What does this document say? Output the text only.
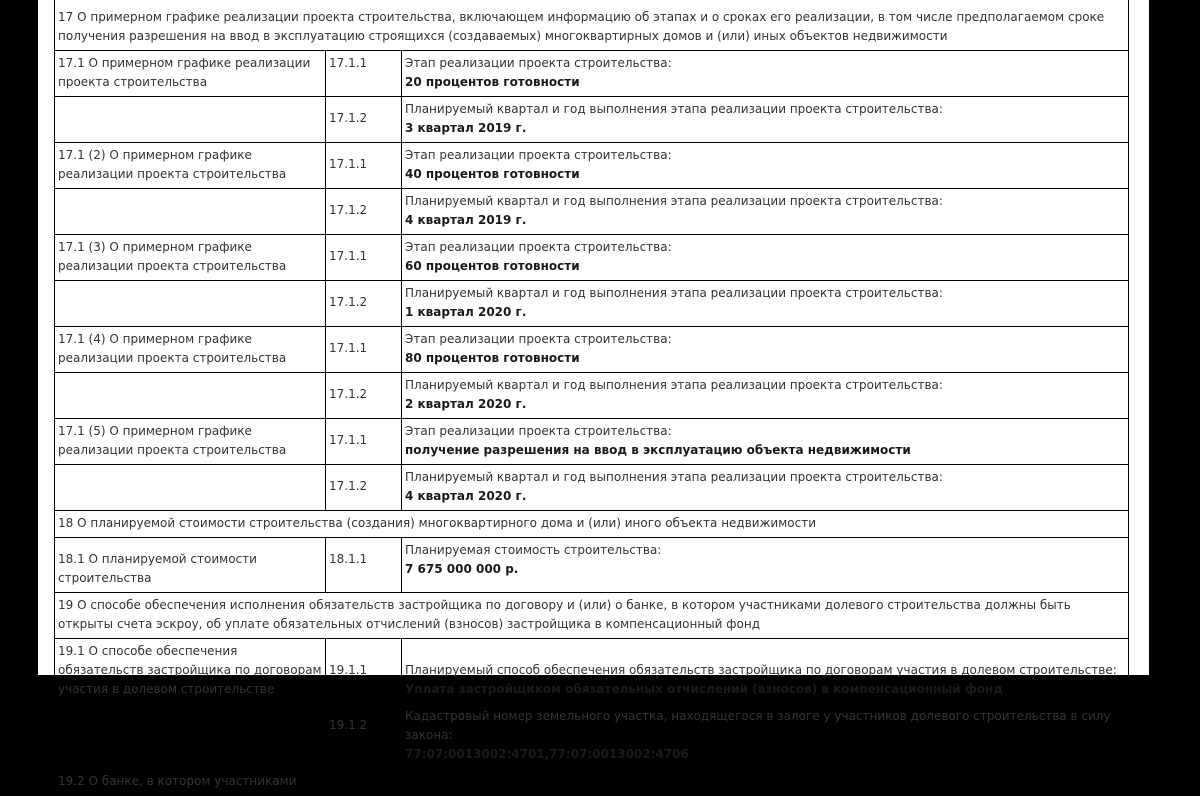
17 О примерном графике реализации проекта строительства, включающем информацию об этапах и о сроках его реализации, в том числе предполагаемом сроке получения разрешения на ввод в эксплуатацию строящихся (создаваемых) многоквартирных домов и (или) иных объектов недвижимости		
17.1 О примерном графике реализации проекта строительства	17.1.1	Этап реализации проекта строительства:
20 процентов готовности

	17.1.2	Планируемый квартал и год выполнения этапа реализации проекта строительства:
3 квартал 2019 г.

17.1 (2) О примерном графике реализации проекта строительства	17.1.1	Этап реализации проекта строительства:
40 процентов готовности

	17.1.2	Планируемый квартал и год выполнения этапа реализации проекта строительства:
4 квартал 2019 г.

17.1 (3) О примерном графике реализации проекта строительства	17.1.1	Этап реализации проекта строительства:
60 процентов готовности

	17.1.2	Планируемый квартал и год выполнения этапа реализации проекта строительства:
1 квартал 2020 г.

17.1 (4) О примерном графике реализации проекта строительства	17.1.1	Этап реализации проекта строительства:
80 процентов готовности

	17.1.2	Планируемый квартал и год выполнения этапа реализации проекта строительства:
2 квартал 2020 г.

17.1 (5) О примерном графике реализации проекта строительства	17.1.1	Этап реализации проекта строительства:
получение разрешения на ввод в эксплуатацию объекта недвижимости

	17.1.2	Планируемый квартал и год выполнения этапа реализации проекта строительства:
4 квартал 2020 г.

18 О планируемой стоимости строительства (создания) многоквартирного дома и (или) иного объекта недвижимости		
18.1 О планируемой стоимости строительства	18.1.1	Планируемая стоимость строительства:
7 675 000 000 р.

19 О способе обеспечения исполнения обязательств застройщика по договору и (или) о банке, в котором участниками долевого строительства должны быть открыты счета эскроу, об уплате обязательных отчислений (взносов) застройщика в компенсационный фонд		
19.1 О способе обеспечения обязательств застройщика по договорам участия в долевом строительстве	19.1.1	Планируемый способ обеспечения обязательств застройщика по договорам участия в долевом строительстве:
Уплата застройщиком обязательных отчислений (взносов) в компенсационный фонд

	19.1.2	Кадастровый номер земельного участка, находящегося в залоге у участников долевого строительства в силу закона:
77:07:0013002:4701,77:07:0013002:4706

19.2 О банке, в котором участниками		
